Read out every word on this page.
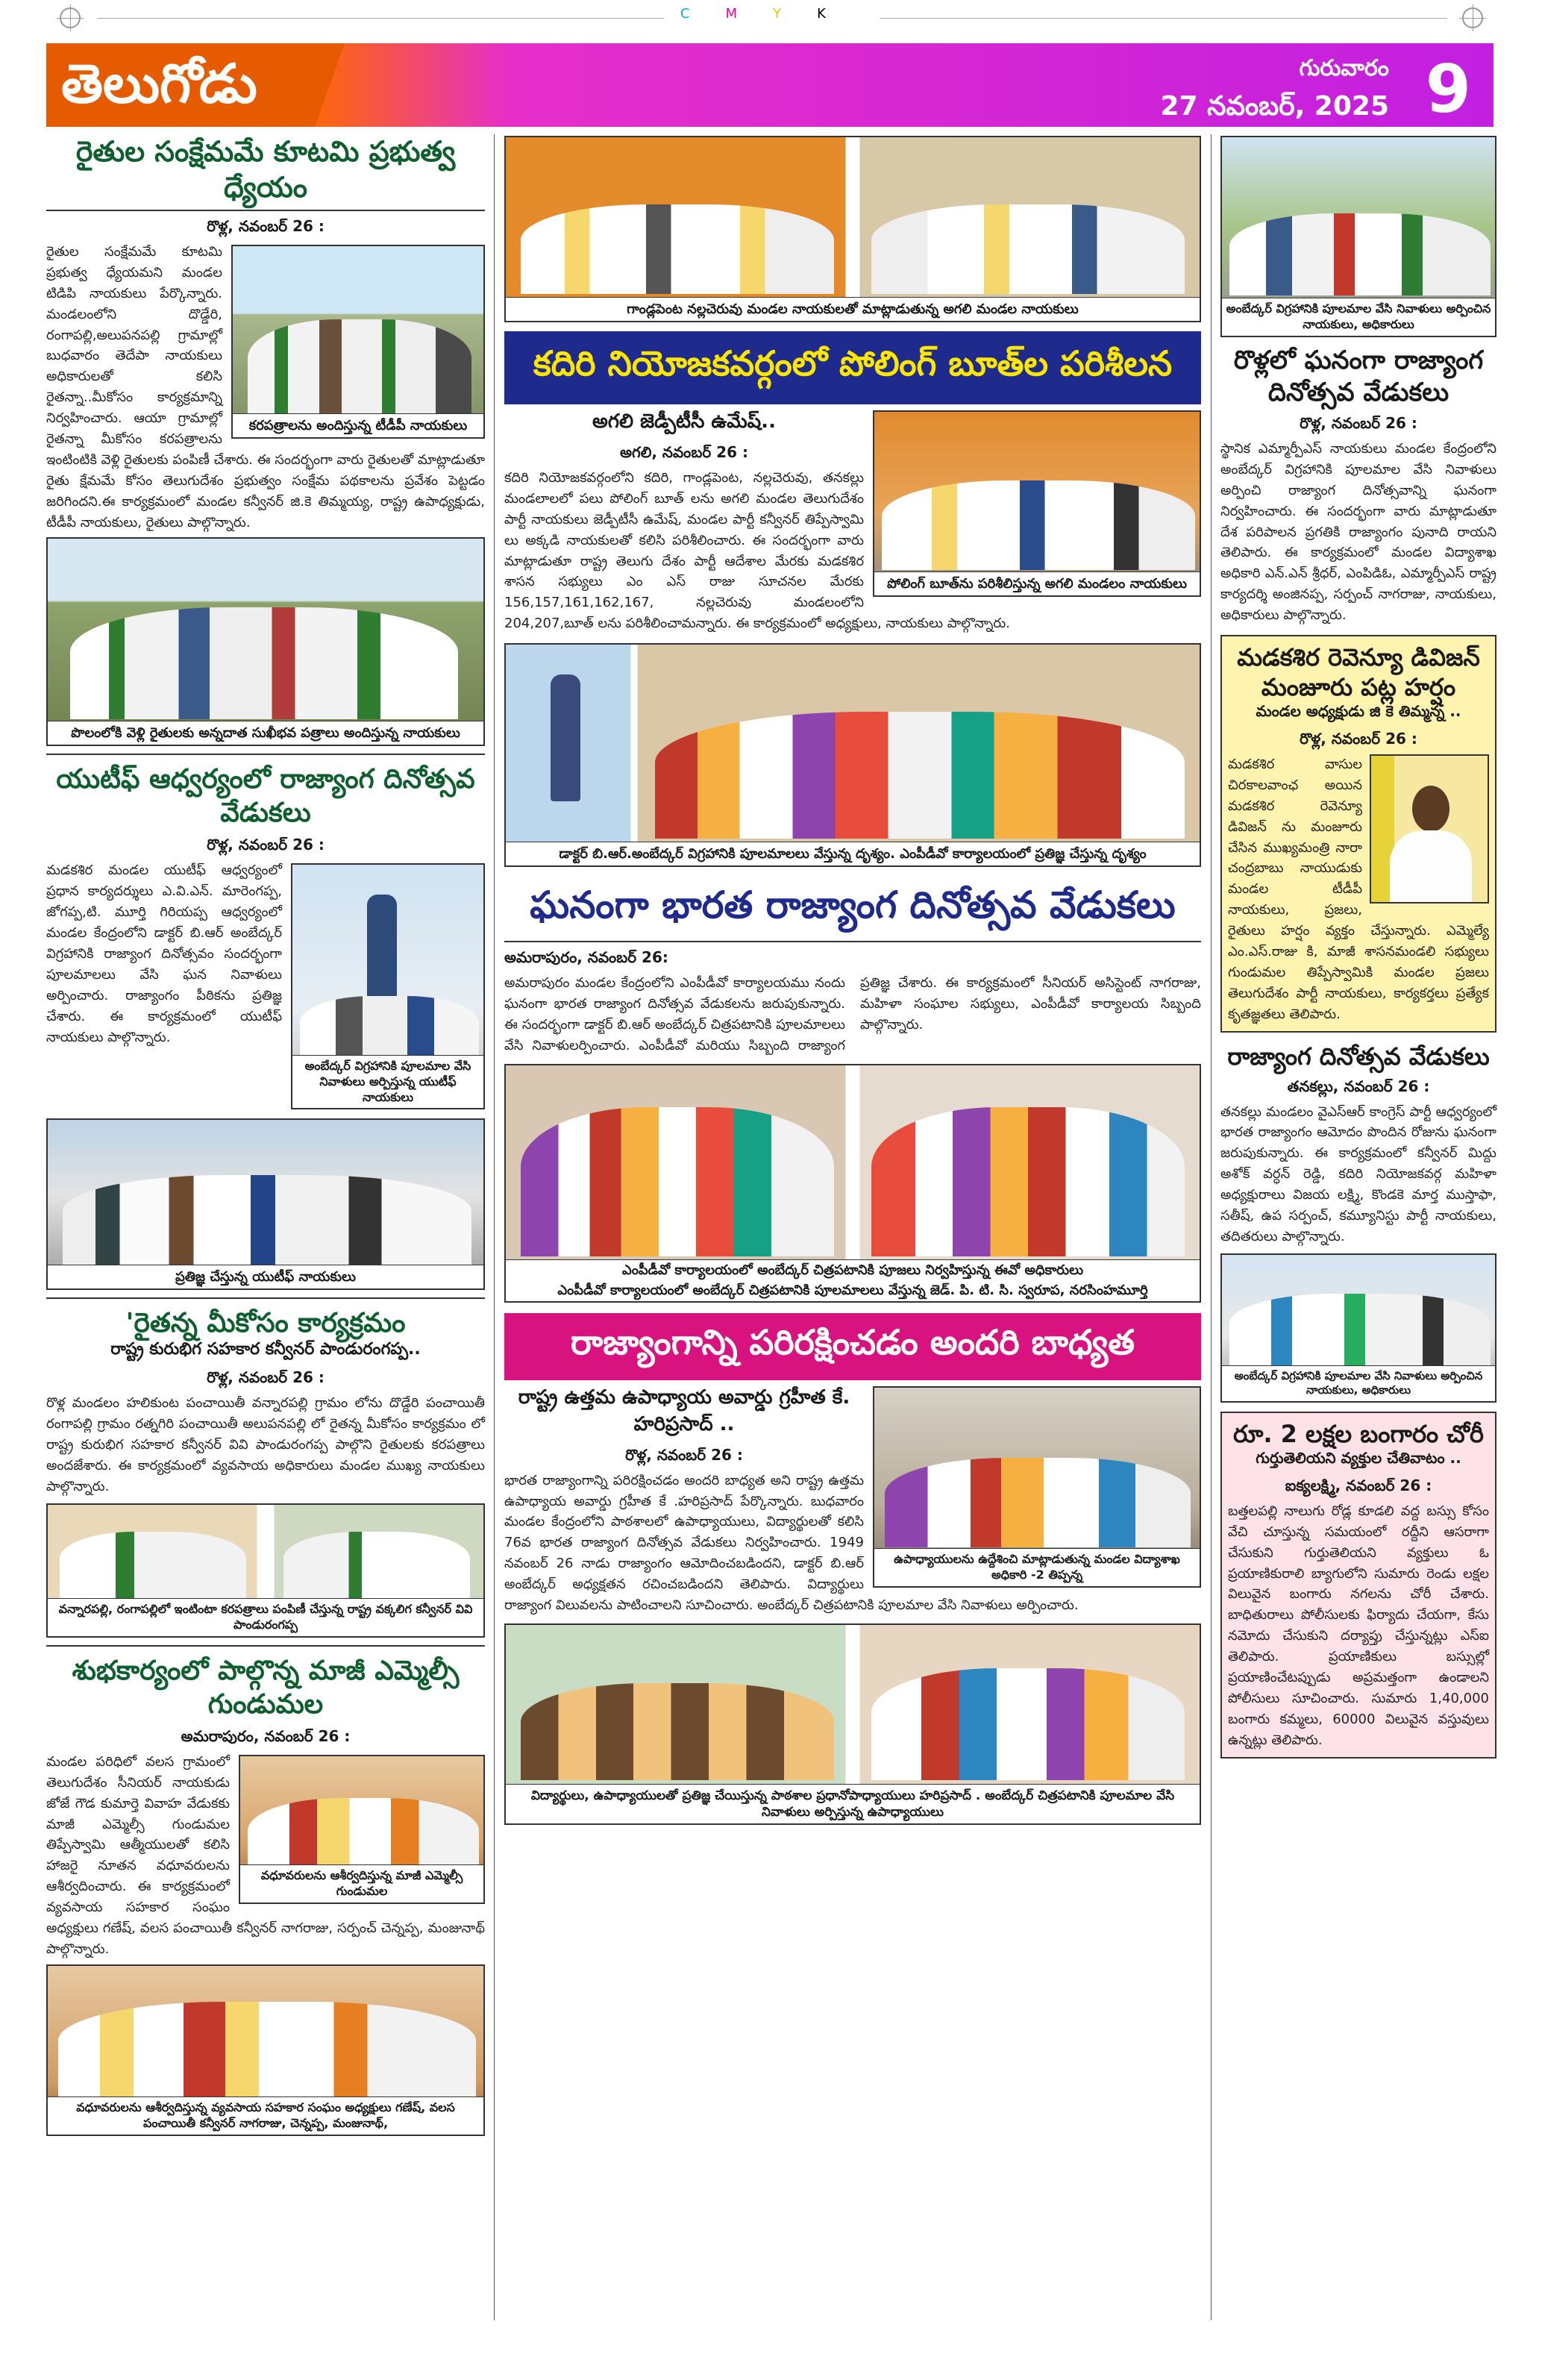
CMYK
తెలుగోడు	గురువారం
27 నవంబర్, 2025 9
రైతుల సంక్షేమమే కూటమి ప్రభుత్వ ధ్యేయం
రొళ్ల, నవంబర్ 26 :
కరపత్రాలను అందిస్తున్న టీడీపీ నాయకులు
రైతుల సంక్షేమమే కూటమి ప్రభుత్వ ధ్యేయమని మండల టిడిపి నాయకులు పేర్కొన్నారు. మండలంలోని దొడ్డేరి, రంగాపల్లి,అలుపనపల్లి గ్రామాల్లో బుధవారం తెదేపా నాయకులు అధికారులతో కలిసి రైతన్నా..మీకోసం కార్యక్రమాన్ని నిర్వహించారు. ఆయా గ్రామాల్లో రైతన్నా మీకోసం కరపత్రాలను ఇంటింటికి వెళ్లి రైతులకు పంపిణీ చేశారు. ఈ సందర్భంగా వారు రైతులతో మాట్లాడుతూ రైతు క్షేమమే కోసం తెలుగుదేశం ప్రభుత్వం సంక్షేమ పథకాలను ప్రవేశం పెట్టడం జరిగిందని.ఈ కార్యక్రమంలో మండల కన్వీనర్ జి.కె తిమ్మయ్య, రాష్ట్ర ఉపాధ్యక్షుడు, టీడీపీ నాయకులు, రైతులు పాల్గొన్నారు.
పొలంలోకి వెళ్లి రైతులకు అన్నదాత సుఖీభవ పత్రాలు అందిస్తున్న నాయకులు
యుటీఫ్ ఆధ్వర్యంలో రాజ్యాంగ దినోత్సవ వేడుకలు
రొళ్ల, నవంబర్ 26 :
అంబేద్కర్ విగ్రహానికి పూలమాల వేసి నివాళులు అర్పిస్తున్న యుటీఫ్ నాయకులు
మడకశిర మండల యుటీఫ్ ఆధ్వర్యంలో ప్రధాన కార్యదర్శులు ఎ.వి.ఎన్. మారెంగప్ప, జోగప్ప,టి. మూర్తి గిరియప్ప ఆధ్వర్యంలో మండల కేంద్రంలోని డాక్టర్ బి.ఆర్ అంబేద్కర్ విగ్రహానికి రాజ్యాంగ దినోత్సవం సందర్భంగా పూలమాలలు వేసి ఘన నివాళులు అర్పించారు. రాజ్యాంగం పీఠికను ప్రతిజ్ఞ చేశారు. ఈ కార్యక్రమంలో యుటీఫ్ నాయకులు పాల్గొన్నారు.
ప్రతిజ్ఞ చేస్తున్న యుటీఫ్ నాయకులు
'రైతన్న మీకోసం కార్యక్రమం
రాష్ట్ర కురుభిగ సహకార కన్వీనర్ పాండురంగప్ప..
రొళ్ల, నవంబర్ 26 :
రొళ్ల మండలం హలికుంట పంచాయితీ వన్నారపల్లి గ్రామం లోను దొడ్డేరి పంచాయితీ రంగాపల్లి గ్రామం రత్నగిరి పంచాయితీ అలుపనపల్లి లో రైతన్న మీకోసం కార్యక్రమం లో రాష్ట్ర కురుభిగ సహకార కన్వీనర్ వివి పాండురంగప్ప పాల్గొని రైతులకు కరపత్రాలు అందజేశారు. ఈ కార్యక్రమంలో వ్యవసాయ అధికారులు మండల ముఖ్య నాయకులు పాల్గొన్నారు.
వన్నారపల్లి, రంగాపల్లిలో ఇంటింటా కరపత్రాలు పంపిణీ చేస్తున్న రాష్ట్ర వక్కలిగ కన్వీనర్ వివి పాండురంగప్ప
శుభకార్యంలో పాల్గొన్న మాజీ ఎమ్మెల్సీ గుండుమల
అమరాపురం, నవంబర్ 26 :
వధూవరులను ఆశీర్వదిస్తున్న మాజీ ఎమ్మెల్సీ గుండుమల
మండల పరిధిలో వలస గ్రామంలో తెలుగుదేశం సీనియర్ నాయకుడు జోజే గౌడ కుమార్తె వివాహ వేడుకకు మాజీ ఎమ్మెల్సీ గుండుమల తిప్పేస్వామి ఆత్మీయులతో కలిసి హాజరై నూతన వధూవరులను ఆశీర్వదించారు. ఈ కార్యక్రమంలో వ్యవసాయ సహకార సంఘం అధ్యక్షులు గణేష్, వలస పంచాయితీ కన్వీనర్ నాగరాజు, సర్పంచ్ చెన్నప్ప, మంజునాథ్ పాల్గొన్నారు.
వధూవరులను ఆశీర్వదిస్తున్న వ్యవసాయ సహకార సంఘం అధ్యక్షులు గణేష్, వలస పంచాయితీ కన్వీనర్ నాగరాజు, చెన్నప్ప, మంజునాథ్,
గాండ్లపెంట నల్లచెరువు మండల నాయకులతో మాట్లాడుతున్న అగలి మండల నాయకులు
కదిరి నియోజకవర్గంలో పోలింగ్ బూత్‌ల పరిశీలన
పోలింగ్ బూత్‌ను పరిశీలిస్తున్న అగలి మండలం నాయకులు
అగలి జెడ్పీటీసీ ఉమేష్..
అగలి, నవంబర్ 26 :
కదిరి నియోజకవర్గంలోని కదిరి, గాండ్లపెంట, నల్లచెరువు, తనకల్లు మండలాలలో పలు పోలింగ్ బూత్ లను అగలి మండల తెలుగుదేశం పార్టీ నాయకులు జెడ్పీటీసీ ఉమేష్, మండల పార్టీ కన్వీనర్ తిప్పేస్వామి లు అక్కడి నాయకులతో కలిసి పరిశీలించారు. ఈ సందర్భంగా వారు మాట్లాడుతూ రాష్ట్ర తెలుగు దేశం పార్టీ ఆదేశాల మేరకు మడకశిర శాసన సభ్యులు ఎం ఎస్ రాజు సూచనల మేరకు 156,157,161,162,167, నల్లచెరువు మండలంలోని 204,207,బూత్ లను పరిశీలించామన్నారు. ఈ కార్యక్రమంలో అధ్యక్షులు, నాయకులు పాల్గొన్నారు.
డాక్టర్ బి.ఆర్.అంబేద్కర్ విగ్రహానికి పూలమాలలు వేస్తున్న దృశ్యం. ఎంపీడీవో కార్యాలయంలో ప్రతిజ్ఞ చేస్తున్న దృశ్యం
ఘనంగా భారత రాజ్యాంగ దినోత్సవ వేడుకలు
అమరాపురం, నవంబర్ 26:
అమరాపురం మండల కేంద్రంలోని ఎంపీడీవో కార్యాలయము నందు ఘనంగా భారత రాజ్యాంగ దినోత్సవ వేడుకలను జరుపుకున్నారు. ఈ సందర్భంగా డాక్టర్ బి.ఆర్ అంబేద్కర్ చిత్రపటానికి పూలమాలలు వేసి నివాళులర్పించారు. ఎంపీడీవో మరియు సిబ్బంది రాజ్యాంగ ప్రతిజ్ఞ చేశారు. ఈ కార్యక్రమంలో సీనియర్ అసిస్టెంట్ నాగరాజు, మహిళా సంఘాల సభ్యులు, ఎంపీడీవో కార్యాలయ సిబ్బంది పాల్గొన్నారు.
ఎంపీడీవో కార్యాలయంలో అంబేద్కర్ చిత్రపటానికి పూజలు నిర్వహిస్తున్న ఈవో అధికారులు
ఎంపీడీవో కార్యాలయంలో అంబేద్కర్ చిత్రపటానికి పూలమాలలు వేస్తున్న జెడ్. పి. టి. సి. స్వరూప, నరసింహమూర్తి
రాజ్యాంగాన్ని పరిరక్షించడం అందరి బాధ్యత
ఉపాధ్యాయులను ఉద్దేశించి మాట్లాడుతున్న మండల విద్యాశాఖ అధికారి -2 తిప్పన్న
రాష్ట్ర ఉత్తమ ఉపాధ్యాయ అవార్డు గ్రహీత కే. హరిప్రసాద్ ..
రొళ్ల, నవంబర్ 26 :
భారత రాజ్యాంగాన్ని పరిరక్షించడం అందరి బాధ్యత అని రాష్ట్ర ఉత్తమ ఉపాధ్యాయ అవార్డు గ్రహీత కే .హరిప్రసాద్ పేర్కొన్నారు. బుధవారం మండల కేంద్రంలోని పాఠశాలలో ఉపాధ్యాయులు, విద్యార్థులతో కలిసి 76వ భారత రాజ్యాంగ దినోత్సవ వేడుకలు నిర్వహించారు. 1949 నవంబర్ 26 నాడు రాజ్యాంగం ఆమోదించబడిందని, డాక్టర్ బి.ఆర్ అంబేద్కర్ అధ్యక్షతన రచించబడిందని తెలిపారు. విద్యార్థులు రాజ్యాంగ విలువలను పాటించాలని సూచించారు. అంబేద్కర్ చిత్రపటానికి పూలమాల వేసి నివాళులు అర్పించారు.
విద్యార్థులు, ఉపాధ్యాయులతో ప్రతిజ్ఞ చేయిస్తున్న పాఠశాల ప్రధానోపాధ్యాయులు హరిప్రసాద్ . అంబేద్కర్ చిత్రపటానికి పూలమాల వేసి నివాళులు అర్పిస్తున్న ఉపాధ్యాయులు
అంబేద్కర్ విగ్రహానికి పూలమాల వేసి నివాళులు అర్పించిన నాయకులు, అధికారులు
రొళ్లలో ఘనంగా రాజ్యాంగ దినోత్సవ వేడుకలు
రొళ్ల, నవంబర్ 26 :
స్థానిక ఎమ్మార్పీఎస్ నాయకులు మండల కేంద్రంలోని అంబేద్కర్ విగ్రహానికి పూలమాల వేసి నివాళులు అర్పించి రాజ్యాంగ దినోత్సవాన్ని ఘనంగా నిర్వహించారు. ఈ సందర్భంగా వారు మాట్లాడుతూ దేశ పరిపాలన ప్రగతికి రాజ్యాంగం పునాది రాయని తెలిపారు. ఈ కార్యక్రమంలో మండల విద్యాశాఖ అధికారి ఎన్.ఎన్ శ్రీధర్, ఎంపిడిఓ, ఎమ్మార్పీఎస్ రాష్ట్ర కార్యదర్శి అంజినప్ప, సర్పంచ్ నాగరాజు, నాయకులు, అధికారులు పాల్గొన్నారు.
మడకశిర రెవెన్యూ డివిజన్ మంజూరు పట్ల హర్షం
మండల అధ్యక్షుడు జి కె తిమ్మన్న ..
రొళ్ల, నవంబర్ 26 :
మడకశిర వాసుల చిరకాలవాంఛ అయిన మడకశిర రెవెన్యూ డివిజన్ ను మంజూరు చేసిన ముఖ్యమంత్రి నారా చంద్రబాబు నాయుడుకు మండల టీడీపీ నాయకులు, ప్రజలు, రైతులు హర్షం వ్యక్తం చేస్తున్నారు. ఎమ్మెల్యే ఎం.ఎస్.రాజు కి, మాజీ శాసనమండలి సభ్యులు గుండుమల తిప్పేస్వామికి మండల ప్రజలు తెలుగుదేశం పార్టీ నాయకులు, కార్యకర్తలు ప్రత్యేక కృతజ్ఞతలు తెలిపారు.
రాజ్యాంగ దినోత్సవ వేడుకలు
తనకల్లు, నవంబర్ 26 :
తనకల్లు మండలం వైఎస్ఆర్ కాంగ్రెస్ పార్టీ ఆధ్వర్యంలో భారత రాజ్యాంగం ఆమోదం పొందిన రోజును ఘనంగా జరుపుకున్నారు. ఈ కార్యక్రమంలో కన్వీనర్ మిద్దు అశోక్ వర్ధన్ రెడ్డి, కదిరి నియోజకవర్గ మహిళా అధ్యక్షురాలు విజయ లక్ష్మి, కొండకె మార్త ముస్తాఫా, సతీష్, ఉప సర్పంచ్, కమ్యూనిస్టు పార్టీ నాయకులు, తదితరులు పాల్గొన్నారు.
అంబేద్కర్ విగ్రహానికి పూలమాల వేసి నివాళులు అర్పించిన నాయకులు, అధికారులు
రూ. 2 లక్షల బంగారం చోరీ
గుర్తుతెలియని వ్యక్తుల చేతివాటం ..
ఐక్యలక్ష్మి, నవంబర్ 26 :
బత్తలపల్లి నాలుగు రోడ్ల కూడలి వద్ద బస్సు కోసం వేచి చూస్తున్న సమయంలో రద్దీని ఆసరాగా చేసుకుని గుర్తుతెలియని వ్యక్తులు ఓ ప్రయాణికురాలి బ్యాగులోని సుమారు రెండు లక్షల విలువైన బంగారు నగలను చోరీ చేశారు. బాధితురాలు పోలీసులకు ఫిర్యాదు చేయగా, కేసు నమోదు చేసుకుని దర్యాప్తు చేస్తున్నట్లు ఎస్ఐ తెలిపారు. ప్రయాణికులు బస్సుల్లో ప్రయాణించేటప్పుడు అప్రమత్తంగా ఉండాలని పోలీసులు సూచించారు. సుమారు 1,40,000 బంగారు కమ్మలు, 60000 విలువైన వస్తువులు ఉన్నట్లు తెలిపారు.
